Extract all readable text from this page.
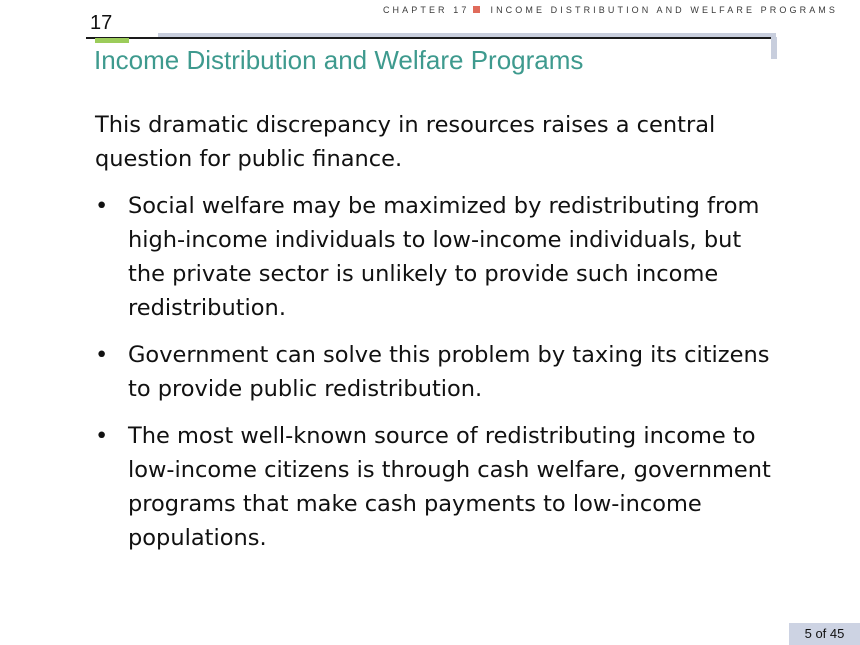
CHAPTER 17 INCOME DISTRIBUTION AND WELFARE PROGRAMS
17
Income Distribution and Welfare Programs

This dramatic discrepancy in resources raises a central question for public finance.

• Social welfare may be maximized by redistributing from high-income individuals to low-income individuals, but the private sector is unlikely to provide such income redistribution.
• Government can solve this problem by taxing its citizens to provide public redistribution.
• The most well-known source of redistributing income to low-income citizens is through cash welfare, government programs that make cash payments to low-income populations.
5 of 45
